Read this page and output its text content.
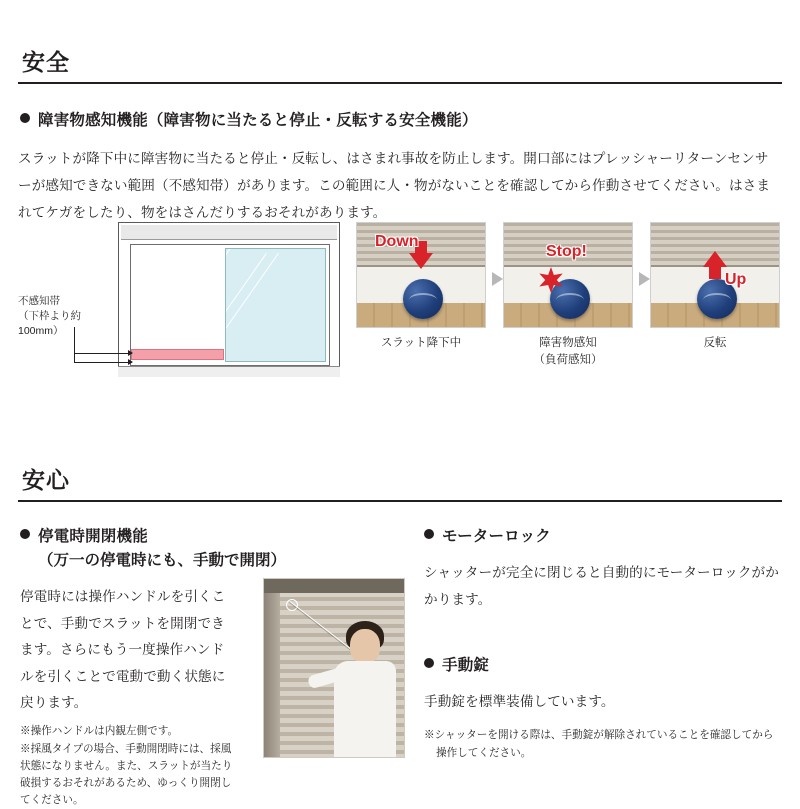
安全
障害物感知機能（障害物に当たると停止・反転する安全機能）
スラットが降下中に障害物に当たると停止・反転し、はさまれ事故を防止します。開口部にはプレッシャーリターンセンサーが感知できない範囲（不感知帯）があります。この範囲に人・物がないことを確認してから作動させてください。はさまれてケガをしたり、物をはさんだりするおそれがあります。
不感知帯
（下枠より約100mm）
Down
スラット降下中
Stop!
障害物感知
（負荷感知）
Up
反転
安心
停電時開閉機能
（万一の停電時にも、手動で開閉）
停電時には操作ハンドルを引くことで、手動でスラットを開閉できます。さらにもう一度操作ハンドルを引くことで電動で動く状態に戻ります。
※操作ハンドルは内観左側です。
※採風タイプの場合、手動開閉時には、採風状態になりません。また、スラットが当たり破損するおそれがあるため、ゆっくり開閉してください。
モーターロック
シャッターが完全に閉じると自動的にモーターロックがかかります。
手動錠
手動錠を標準装備しています。
※シャッターを開ける際は、手動錠が解除されていることを確認してから
操作してください。
